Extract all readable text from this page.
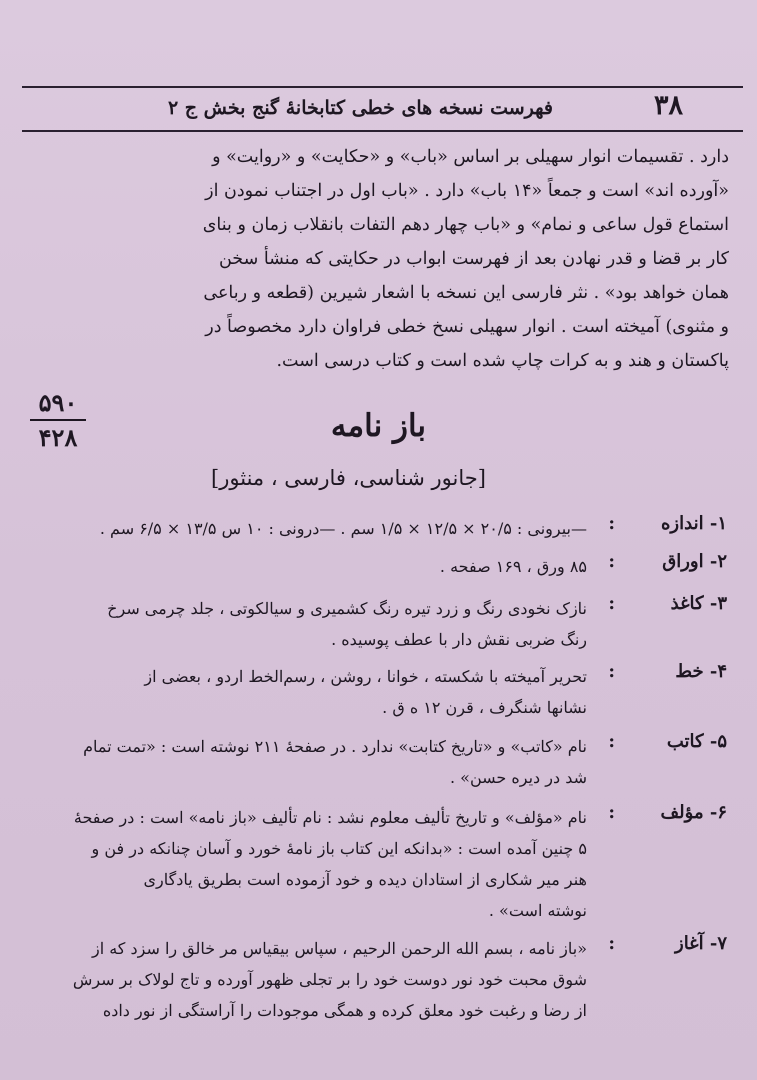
۳۸
فهرست نسخه های خطی کتابخانهٔ گنج بخش ج ۲
دارد . تقسیمات انوار سهیلی بر اساس «باب» و «حکایت» و «روایت» و
«آورده اند» است و جمعاً «۱۴ باب» دارد . «باب اول در اجتناب نمودن از
استماع قول ساعی و نمام» و «باب چهار دهم التفات بانقلاب زمان و بنای
کار بر قضا و قدر نهادن بعد از فهرست ابواب در حکایتی که منشأ سخن
همان خواهد بود» . نثر فارسی این نسخه با اشعار شیرین (قطعه و رباعی
و مثنوی) آمیخته است . انوار سهیلی نسخ خطی فراوان دارد مخصوصاً در
پاکستان و هند و به کرات چاپ شده است و کتاب درسی است.
۵۹۰
۴۲۸	باز نامه
[جانور شناسی، فارسی ، منثور]
۱- اندازه
:
—بیرونی : ۲۰/۵ × ۱۲/۵ × ۱/۵ سم . —درونی : ۱۰ س ۱۳/۵ × ۶/۵ سم .
۲- اوراق
:
۸۵ ورق ، ۱۶۹ صفحه .
۳- کاغذ
:
نازک نخودی رنگ و زرد تیره رنگ کشمیری و سیالکوتی ، جلد چرمی سرخ
رنگ ضربی نقش دار با عطف پوسیده .
۴- خط
:
تحریر آمیخته با شکسته ، خوانا ، روشن ، رسم‌الخط اردو ، بعضی از
نشانها شنگرف ، قرن ۱۲ ه ق .
۵- کاتب
:
نام «کاتب» و «تاریخ کتابت» ندارد . در صفحهٔ ۲۱۱ نوشته است : «تمت تمام
شد در دیره حسن» .
۶- مؤلف
:
نام «مؤلف» و تاریخ تألیف معلوم نشد : نام تألیف «باز نامه» است : در صفحهٔ
۵ چنین آمده است : «بدانکه این کتاب باز نامهٔ خورد و آسان چنانکه در فن و
هنر میر شکاری از استادان دیده و خود آزموده است بطریق یادگاری
نوشته است» .
۷- آغاز
:
«باز نامه ، بسم الله الرحمن الرحیم ، سپاس بیقیاس مر خالق را سزد که از
شوق محبت خود نور دوست خود را بر تجلی ظهور آورده و تاج لولاک بر سرش
از رضا و رغبت خود معلق کرده و همگی موجودات را آراستگی از نور داده
